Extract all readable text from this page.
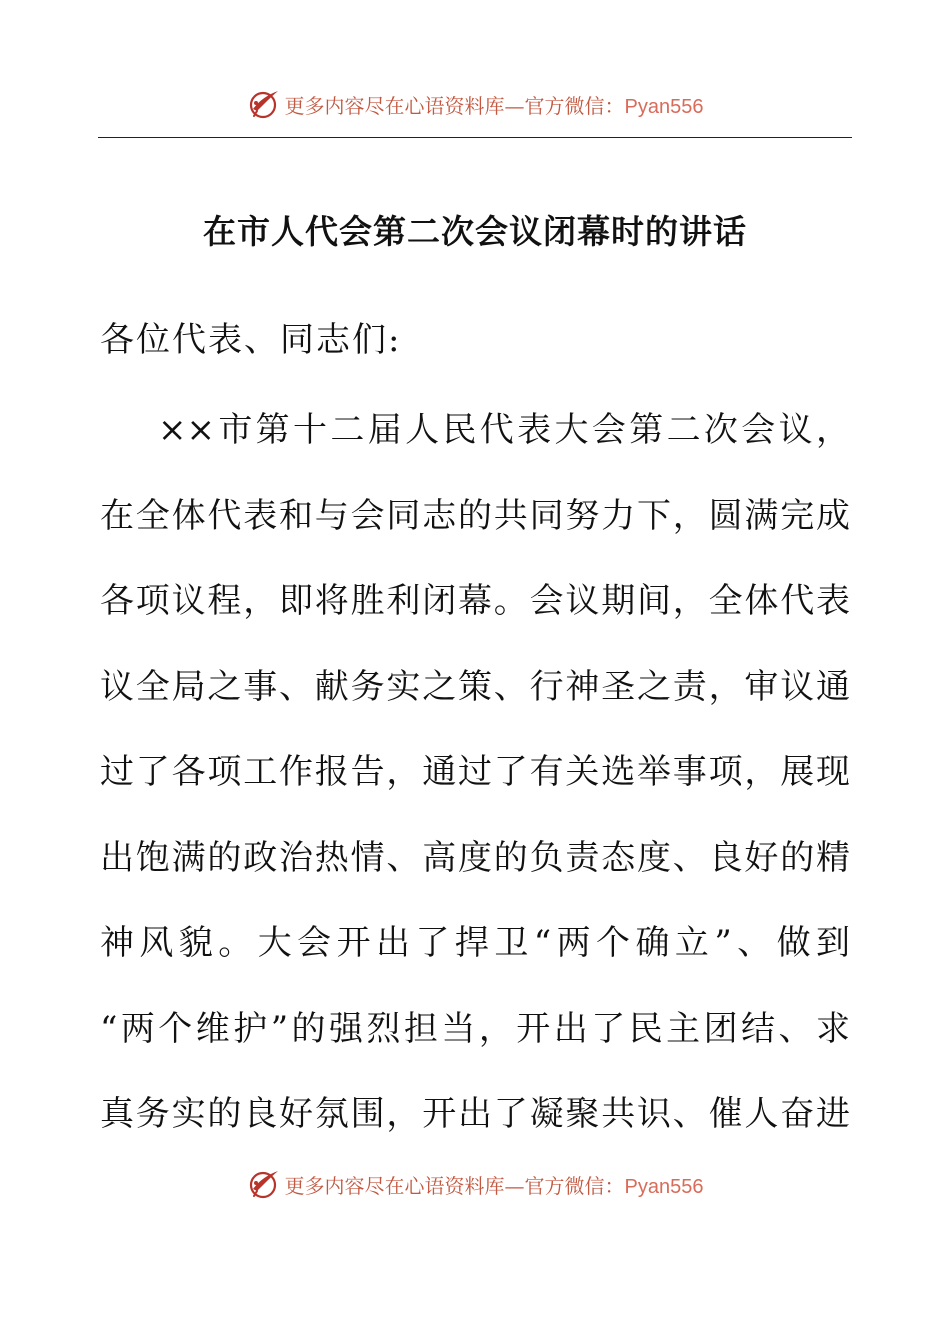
更多内容尽在心语资料库—官方微信：Pyan556
在市人代会第二次会议闭幕时的讲话
各位代表、同志们:
××市第十二届人民代表大会第二次会议，
在全体代表和与会同志的共同努力下，圆满完成
各项议程，即将胜利闭幕。会议期间，全体代表
议全局之事、献务实之策、行神圣之责，审议通
过了各项工作报告，通过了有关选举事项，展现
出饱满的政治热情、高度的负责态度、良好的精
神风貌。大会开出了捍卫“两个确立”、做到
“两个维护”的强烈担当，开出了民主团结、求
真务实的良好氛围，开出了凝聚共识、催人奋进
更多内容尽在心语资料库—官方微信：Pyan556
